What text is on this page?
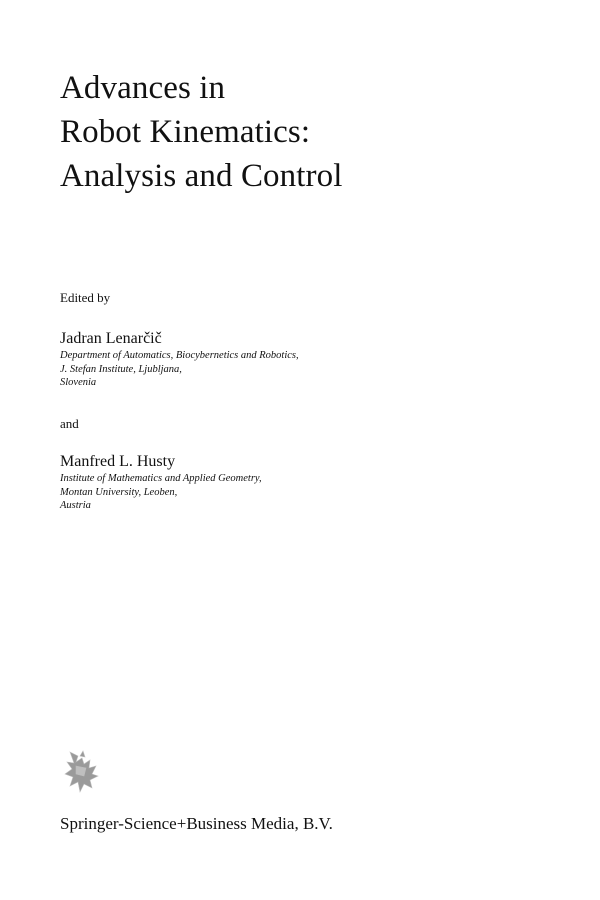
Advances in
Robot Kinematics:
Analysis and Control
Edited by
Jadran Lenarčič
Department of Automatics, Biocybernetics and Robotics,
J. Stefan Institute, Ljubljana,
Slovenia
and
Manfred L. Husty
Institute of Mathematics and Applied Geometry,
Montan University, Leoben,
Austria
Springer-Science+Business Media, B.V.
